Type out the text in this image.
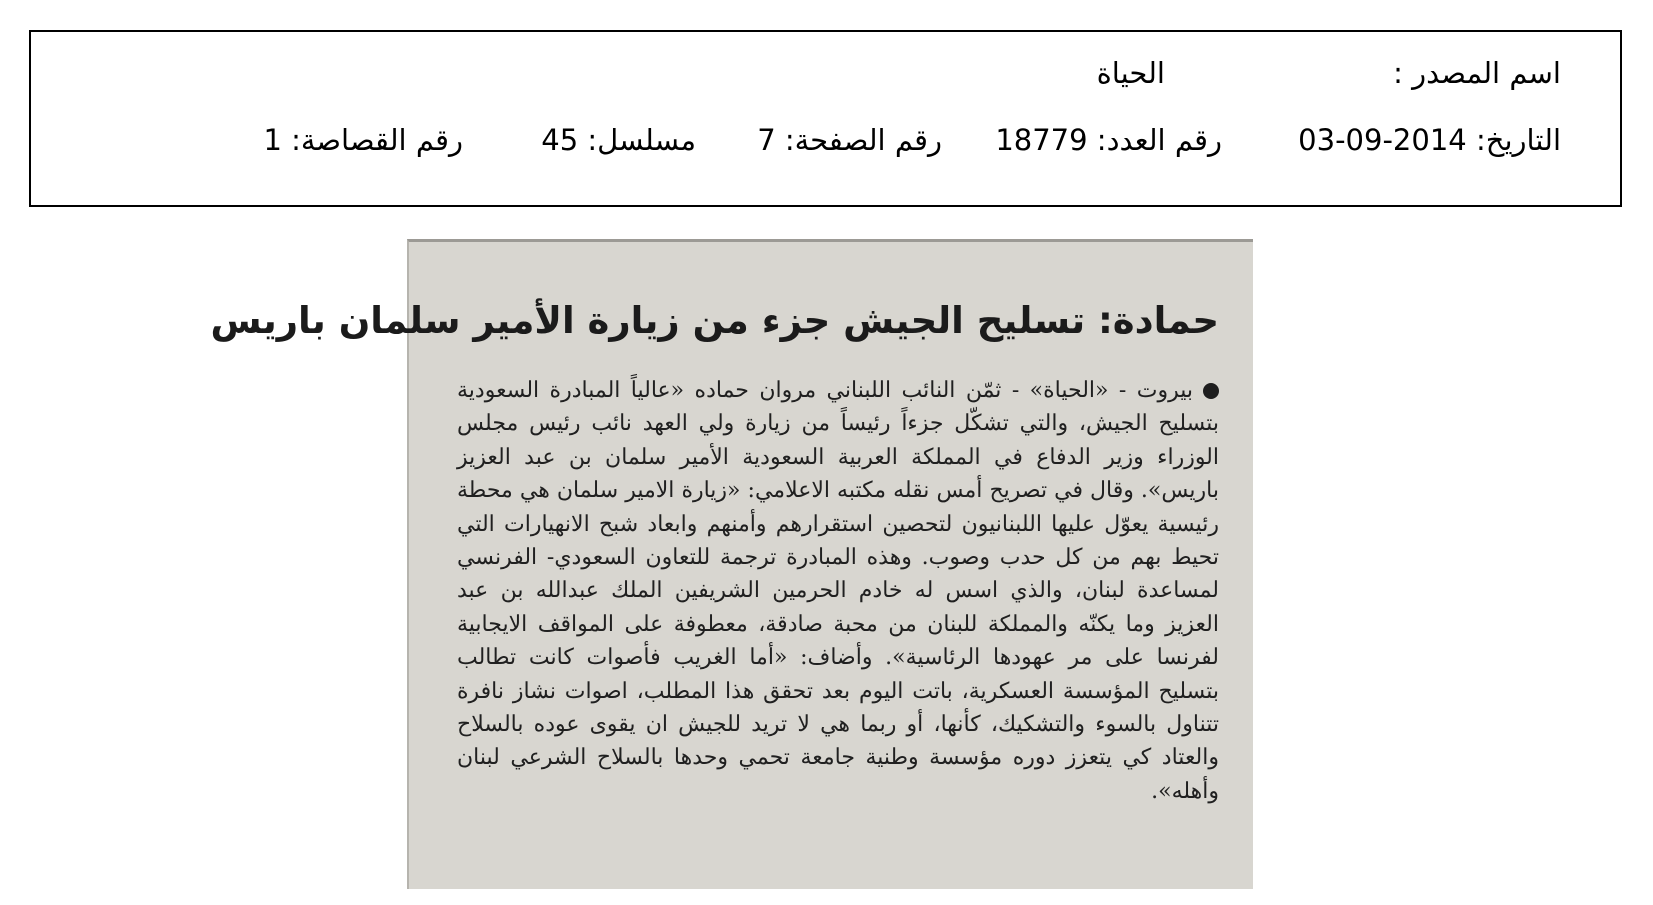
اسم المصدر :
الحياة
التاريخ: 2014-09-03
رقم العدد: 18779
رقم الصفحة: 7
مسلسل: 45
رقم القصاصة: 1
حمادة: تسليح الجيش جزء من زيارة الأمير سلمان باريس
بيروت - «الحياة» - ثمّن النائب اللبناني مروان حماده «عالياً المبادرة السعودية بتسليح الجيش، والتي تشكّل جزءاً رئيساً من زيارة ولي العهد نائب رئيس مجلس الوزراء وزير الدفاع في المملكة العربية السعودية الأمير سلمان بن عبد العزيز باريس». وقال في تصريح أمس نقله مكتبه الاعلامي: «زيارة الامير سلمان هي محطة رئيسية يعوّل عليها اللبنانيون لتحصين استقرارهم وأمنهم وابعاد شبح الانهيارات التي تحيط بهم من كل حدب وصوب. وهذه المبادرة ترجمة للتعاون السعودي- الفرنسي لمساعدة لبنان، والذي اسس له خادم الحرمين الشريفين الملك عبدالله بن عبد العزيز وما يكنّه والمملكة للبنان من محبة صادقة، معطوفة على المواقف الايجابية لفرنسا على مر عهودها الرئاسية». وأضاف: «أما الغريب فأصوات كانت تطالب بتسليح المؤسسة العسكرية، باتت اليوم بعد تحقق هذا المطلب، اصوات نشاز نافرة تتناول بالسوء والتشكيك، كأنها، أو ربما هي لا تريد للجيش ان يقوى عوده بالسلاح والعتاد كي يتعزز دوره مؤسسة وطنية جامعة تحمي وحدها بالسلاح الشرعي لبنان وأهله».
